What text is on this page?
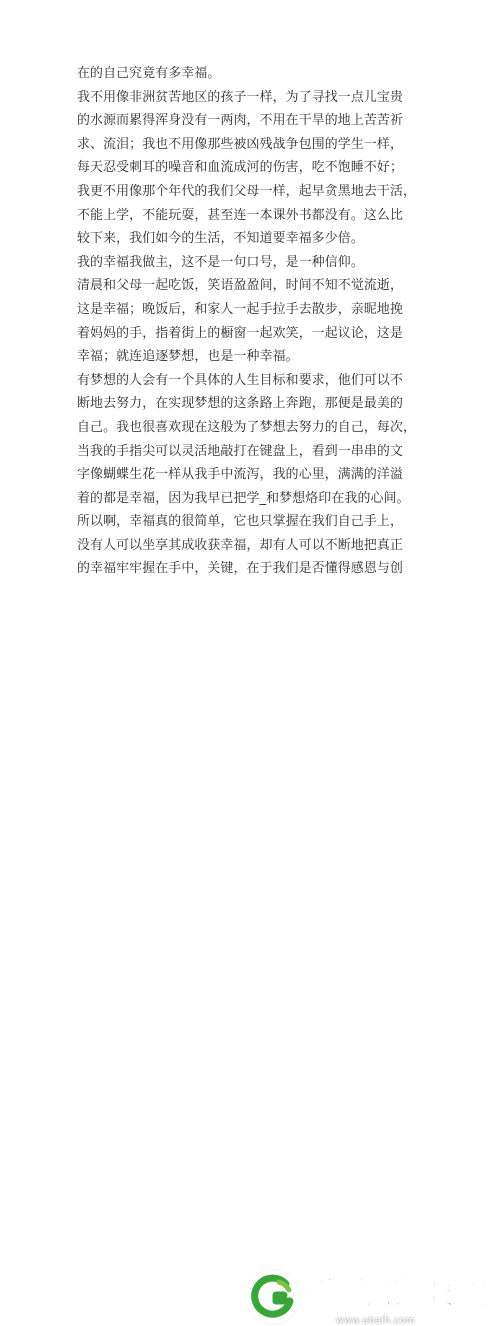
在的自己究竟有多幸福。
我不用像非洲贫苦地区的孩子一样，为了寻找一点儿宝贵
的水源而累得浑身没有一两肉，不用在干旱的地上苦苦祈
求、流泪；我也不用像那些被凶残战争包围的学生一样，
每天忍受刺耳的噪音和血流成河的伤害，吃不饱睡不好；
我更不用像那个年代的我们父母一样，起早贪黑地去干活，
不能上学，不能玩耍，甚至连一本课外书都没有。这么比
较下来，我们如今的生活，不知道要幸福多少倍。
我的幸福我做主，这不是一句口号，是一种信仰。
清晨和父母一起吃饭，笑语盈盈间，时间不知不觉流逝，
这是幸福；晚饭后，和家人一起手拉手去散步，亲昵地挽
着妈妈的手，指着街上的橱窗一起欢笑，一起议论，这是
幸福；就连追逐梦想，也是一种幸福。
有梦想的人会有一个具体的人生目标和要求，他们可以不
断地去努力，在实现梦想的这条路上奔跑，那便是最美的
自己。我也很喜欢现在这般为了梦想去努力的自己，每次，
当我的手指尖可以灵活地敲打在键盘上，看到一串串的文
字像蝴蝶生花一样从我手中流泻，我的心里，满满的洋溢
着的都是幸福，因为我早已把学_和梦想烙印在我的心间。
所以啊，幸福真的很简单，它也只掌握在我们自己手上，
没有人可以坐享其成收获幸福，却有人可以不断地把真正
的幸福牢牢握在手中，关键，在于我们是否懂得感恩与创
悦 购 游 戏 网
www.ubalh.com
